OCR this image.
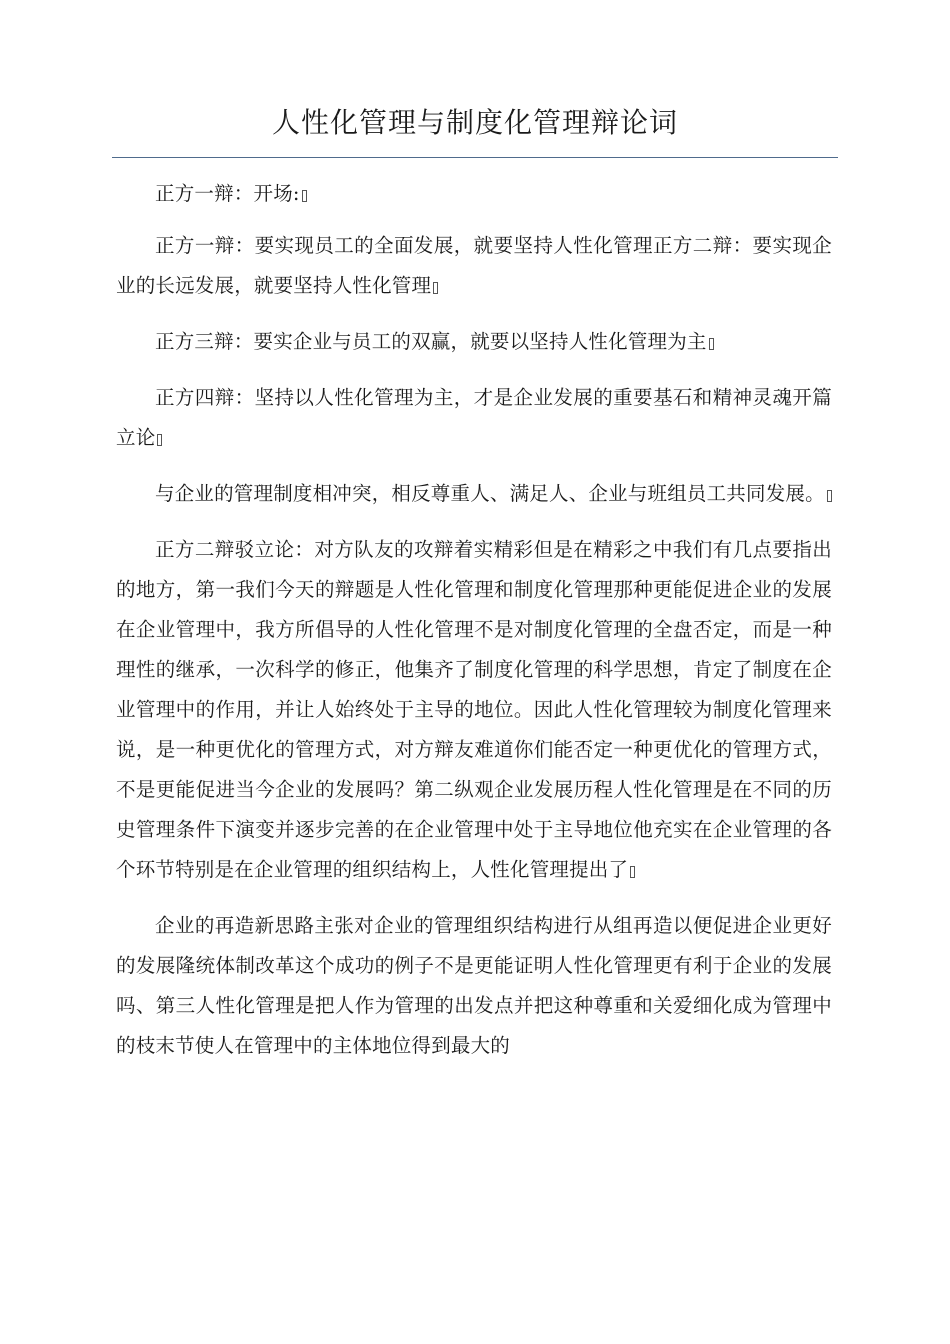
人性化管理与制度化管理辩论词

正方一辩：开场:

正方一辩：要实现员工的全面发展，就要坚持人性化管理正方二辩：要实现企业的长远发展，就要坚持人性化管理

正方三辩：要实企业与员工的双赢，就要以坚持人性化管理为主

正方四辩：坚持以人性化管理为主，才是企业发展的重要基石和精神灵魂开篇立论

与企业的管理制度相冲突，相反尊重人、满足人、企业与班组员工共同发展。

正方二辩驳立论：对方队友的攻辩着实精彩但是在精彩之中我们有几点要指出的地方，第一我们今天的辩题是人性化管理和制度化管理那种更能促进企业的发展在企业管理中，我方所倡导的人性化管理不是对制度化管理的全盘否定，而是一种理性的继承，一次科学的修正，他集齐了制度化管理的科学思想，肯定了制度在企业管理中的作用，并让人始终处于主导的地位。因此人性化管理较为制度化管理来说，是一种更优化的管理方式，对方辩友难道你们能否定一种更优化的管理方式，不是更能促进当今企业的发展吗？第二纵观企业发展历程人性化管理是在不同的历史管理条件下演变并逐步完善的在企业管理中处于主导地位他充实在企业管理的各个环节特别是在企业管理的组织结构上，人性化管理提出了

企业的再造新思路主张对企业的管理组织结构进行从组再造以便促进企业更好的发展隆统体制改革这个成功的例子不是更能证明人性化管理更有利于企业的发展吗、第三人性化管理是把人作为管理的出发点并把这种尊重和关爱细化成为管理中的枝末节使人在管理中的主体地位得到最大的
